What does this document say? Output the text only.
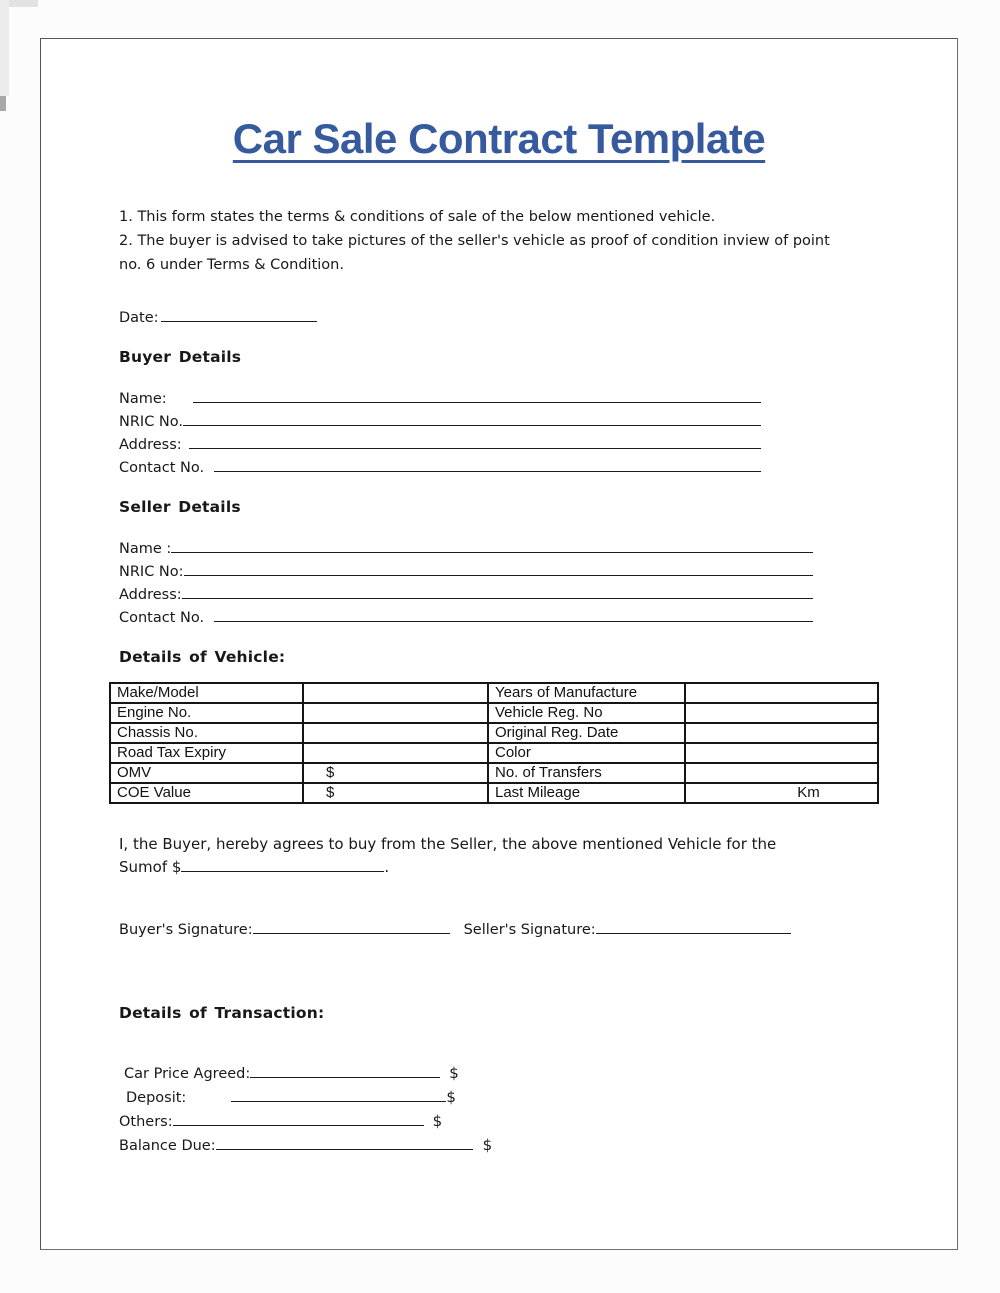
Car Sale Contract Template
1. This form states the terms & conditions of sale of the below mentioned vehicle.
2. The buyer is advised to take pictures of the seller's vehicle as proof of condition inview of point
no. 6 under Terms & Condition.
Date:
Buyer Details
Name:
NRIC No.
Address:
Contact No.
Seller Details
Name :
NRIC No:
Address:
Contact No.
Details of Vehicle:
Make/Model		Years of Manufacture	
Engine No.		Vehicle Reg. No	
Chassis No.		Original Reg. Date	
Road Tax Expiry		Color	
OMV	$	No. of Transfers	
COE Value	$	Last Mileage	Km
I, the Buyer, hereby agrees to buy from the Seller, the above mentioned Vehicle for the
Sumof $	.
Buyer's Signature:	Seller's Signature:
Details of Transaction:
Car Price Agreed:	$
Deposit:	$
Others:	$
Balance Due:	$
